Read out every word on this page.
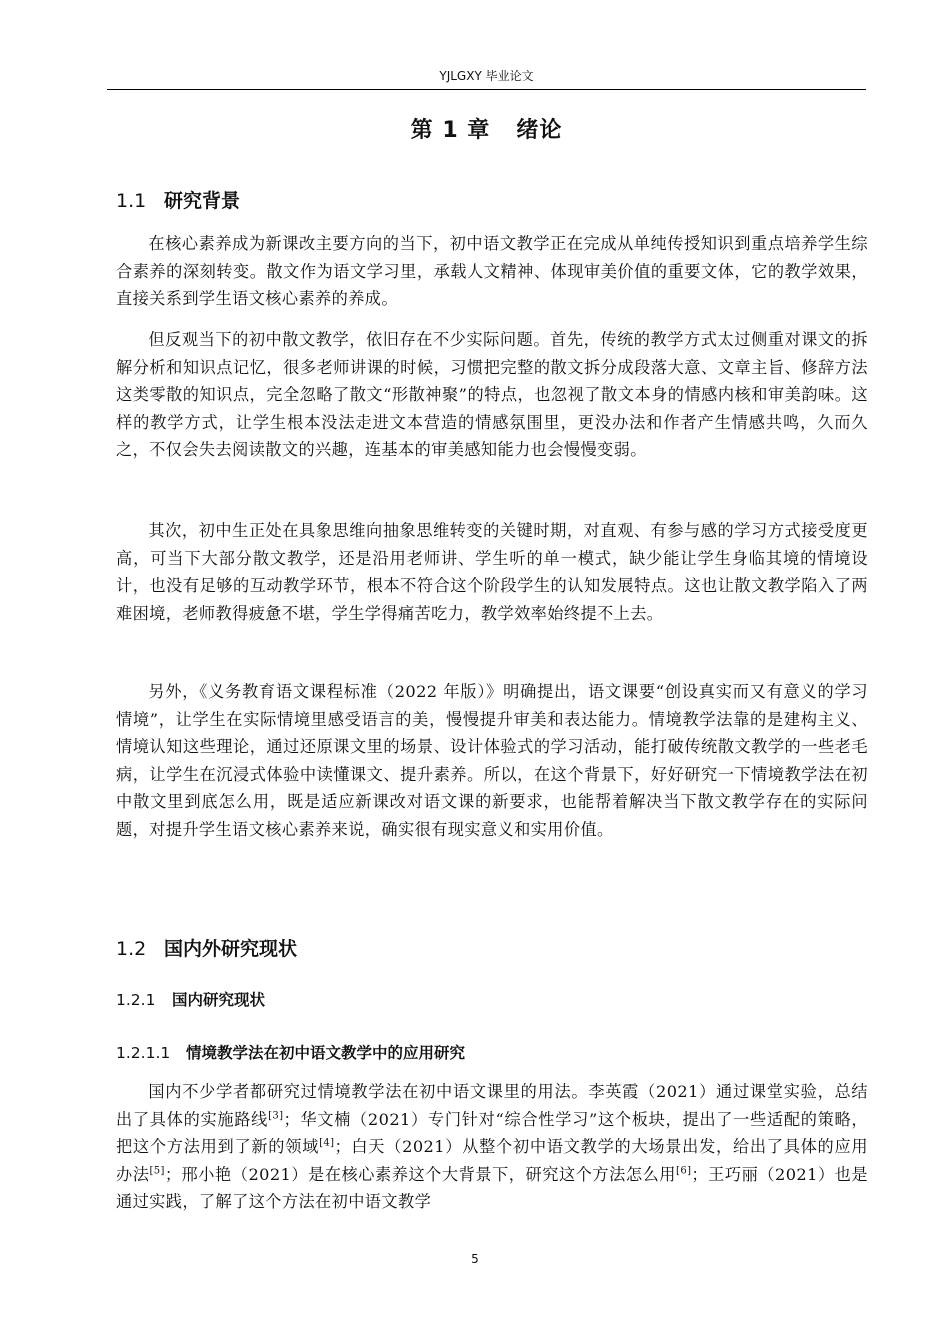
YJLGXY 毕业论文
第 1 章 绪论
1.1 研究背景
在核心素养成为新课改主要方向的当下，初中语文教学正在完成从单纯传授知识到重点培养学生综合素养的深刻转变。散文作为语文学习里，承载人文精神、体现审美价值的重要文体，它的教学效果，直接关系到学生语文核心素养的养成。
但反观当下的初中散文教学，依旧存在不少实际问题。首先，传统的教学方式太过侧重对课文的拆解分析和知识点记忆，很多老师讲课的时候，习惯把完整的散文拆分成段落大意、文章主旨、修辞方法这类零散的知识点，完全忽略了散文“形散神聚”的特点，也忽视了散文本身的情感内核和审美韵味。这样的教学方式，让学生根本没法走进文本营造的情感氛围里，更没办法和作者产生情感共鸣，久而久之，不仅会失去阅读散文的兴趣，连基本的审美感知能力也会慢慢变弱。
其次，初中生正处在具象思维向抽象思维转变的关键时期，对直观、有参与感的学习方式接受度更高，可当下大部分散文教学，还是沿用老师讲、学生听的单一模式，缺少能让学生身临其境的情境设计，也没有足够的互动教学环节，根本不符合这个阶段学生的认知发展特点。这也让散文教学陷入了两难困境，老师教得疲惫不堪，学生学得痛苦吃力，教学效率始终提不上去。
另外，《义务教育语文课程标准（2022 年版）》明确提出，语文课要“创设真实而又有意义的学习情境”，让学生在实际情境里感受语言的美，慢慢提升审美和表达能力。情境教学法靠的是建构主义、情境认知这些理论，通过还原课文里的场景、设计体验式的学习活动，能打破传统散文教学的一些老毛病，让学生在沉浸式体验中读懂课文、提升素养。所以，在这个背景下，好好研究一下情境教学法在初中散文里到底怎么用，既是适应新课改对语文课的新要求，也能帮着解决当下散文教学存在的实际问题，对提升学生语文核心素养来说，确实很有现实意义和实用价值。
1.2 国内外研究现状
1.2.1 国内研究现状
1.2.1.1 情境教学法在初中语文教学中的应用研究
国内不少学者都研究过情境教学法在初中语文课里的用法。李英霞（2021）通过课堂实验，总结出了具体的实施路线[3]；华文楠（2021）专门针对“综合性学习”这个板块，提出了一些适配的策略，把这个方法用到了新的领域[4]；白天（2021）从整个初中语文教学的大场景出发，给出了具体的应用办法[5]；邢小艳（2021）是在核心素养这个大背景下，研究这个方法怎么用[6]；王巧丽（2021）也是通过实践，了解了这个方法在初中语文教学
5
